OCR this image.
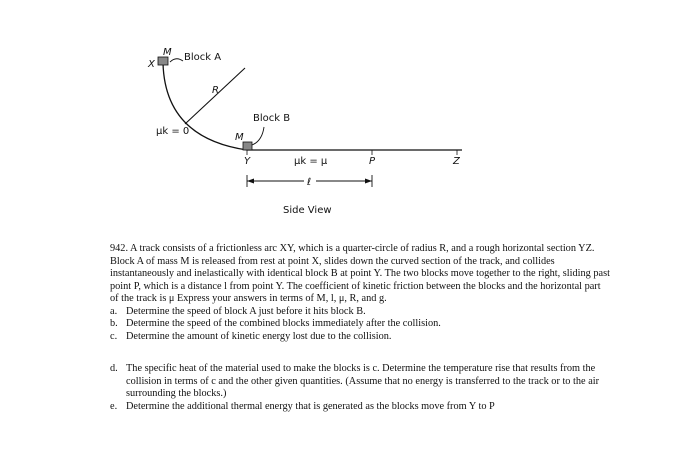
X
M Block A
R
Block B
μk = 0
M
Y	μk = μ	P	Z
ℓ
Side View

942. A track consists of a frictionless arc XY, which is a quarter-circle of radius R, and a rough horizontal section YZ. Block A of mass M is released from rest at point X, slides down the curved section of the track, and collides instantaneously and inelastically with identical block B at point Y. The two blocks move together to the right, sliding past point P, which is a distance l from point Y. The coefficient of kinetic friction between the blocks and the horizontal part of the track is μ Express your answers in terms of M, l, μ, R, and g.

a. Determine the speed of block A just before it hits block B.
b. Determine the speed of the combined blocks immediately after the collision.
c. Determine the amount of kinetic energy lost due to the collision.
d. The specific heat of the material used to make the blocks is c. Determine the temperature rise that results from the collision in terms of c and the other given quantities. (Assume that no energy is transferred to the track or to the air surrounding the blocks.)
e. Determine the additional thermal energy that is generated as the blocks move from Y to P
